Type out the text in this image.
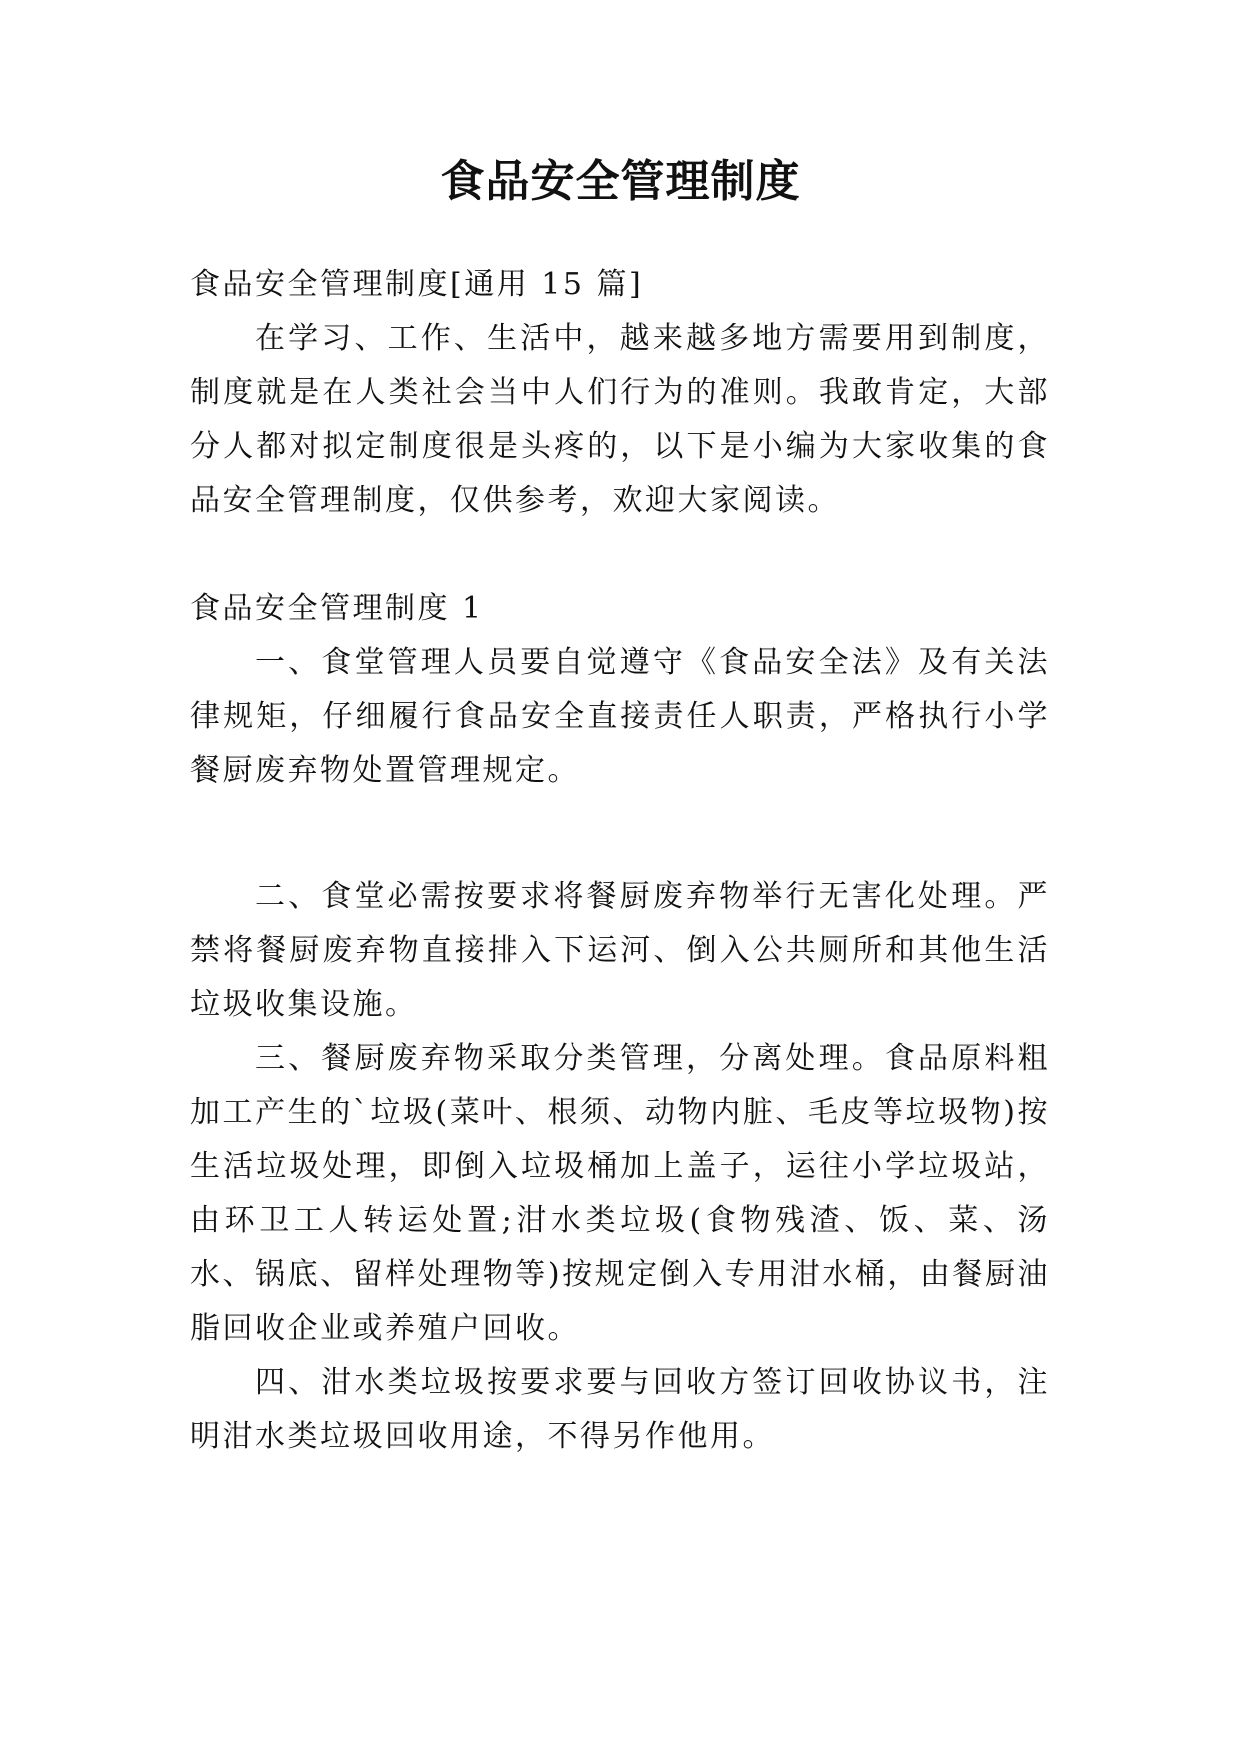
食品安全管理制度

食品安全管理制度[通用 15 篇]

在学习、工作、生活中，越来越多地方需要用到制度，制度就是在人类社会当中人们行为的准则。我敢肯定，大部分人都对拟定制度很是头疼的，以下是小编为大家收集的食品安全管理制度，仅供参考，欢迎大家阅读。

食品安全管理制度 1

一、食堂管理人员要自觉遵守《食品安全法》及有关法律规矩，仔细履行食品安全直接责任人职责，严格执行小学餐厨废弃物处置管理规定。

二、食堂必需按要求将餐厨废弃物举行无害化处理。严禁将餐厨废弃物直接排入下运河、倒入公共厕所和其他生活垃圾收集设施。

三、餐厨废弃物采取分类管理，分离处理。食品原料粗加工产生的`垃圾(菜叶、根须、动物内脏、毛皮等垃圾物)按生活垃圾处理，即倒入垃圾桶加上盖子，运往小学垃圾站，由环卫工人转运处置;泔水类垃圾(食物残渣、饭、菜、汤水、锅底、留样处理物等)按规定倒入专用泔水桶，由餐厨油脂回收企业或养殖户回收。

四、泔水类垃圾按要求要与回收方签订回收协议书，注明泔水类垃圾回收用途，不得另作他用。
